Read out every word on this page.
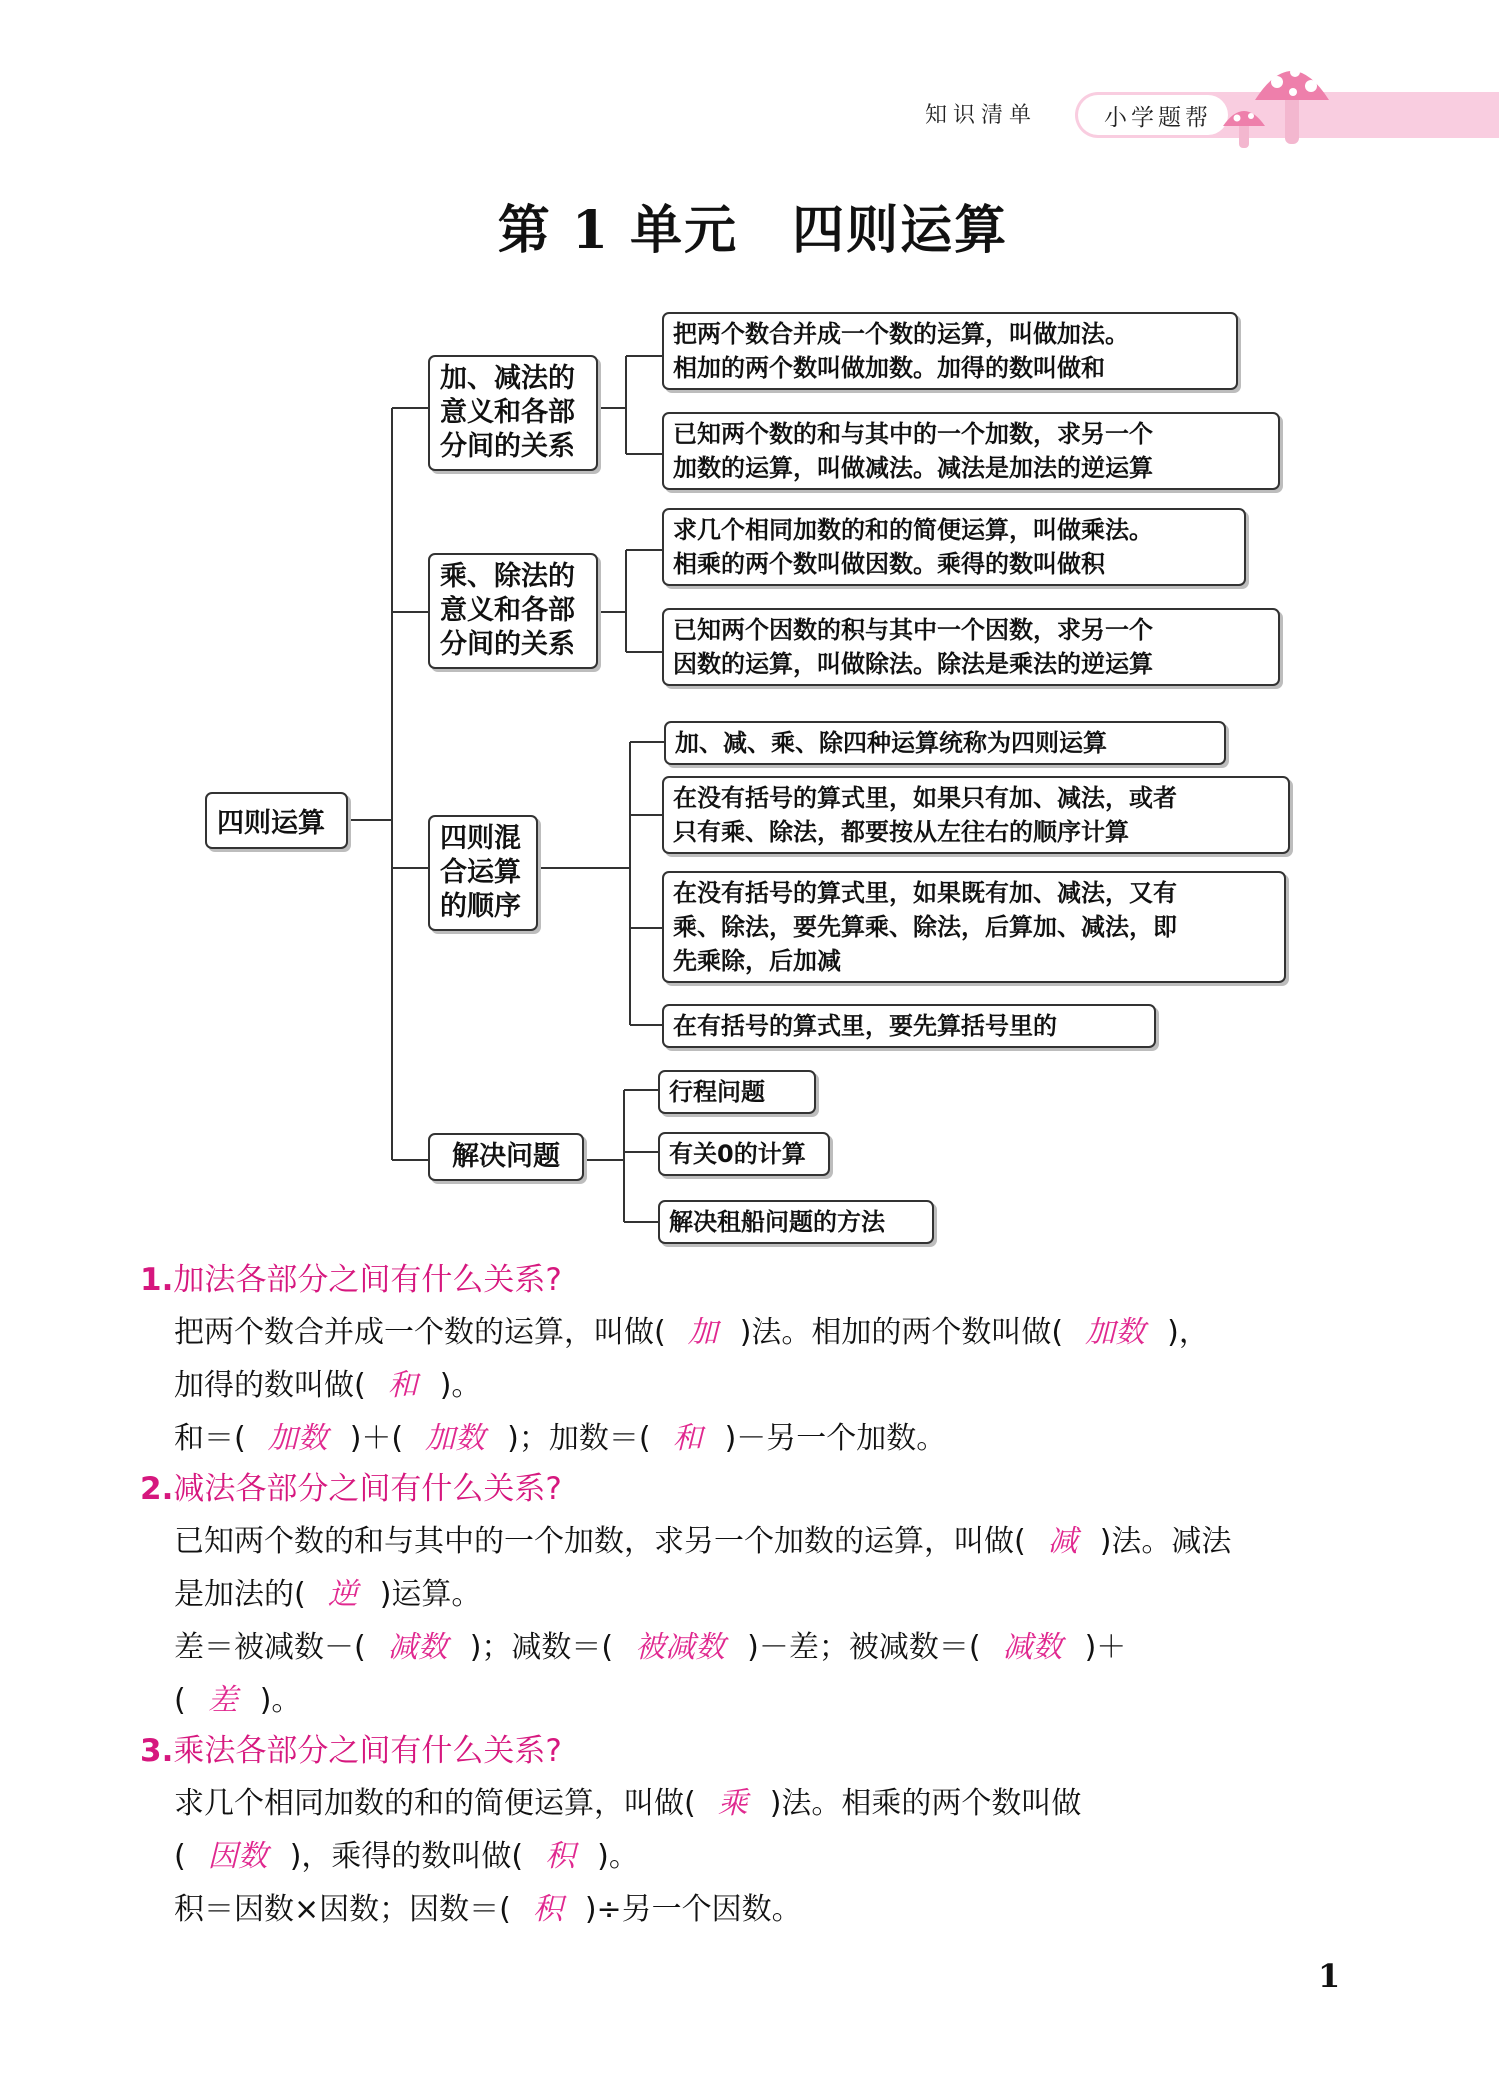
知识清单	小学题帮
第 1 单元　四则运算
四则运算
加、减法的
意义和各部
分间的关系
乘、除法的
意义和各部
分间的关系
四则混
合运算
的顺序
解决问题
把两个数合并成一个数的运算，叫做加法。
相加的两个数叫做加数。加得的数叫做和
已知两个数的和与其中的一个加数，求另一个
加数的运算，叫做减法。减法是加法的逆运算
求几个相同加数的和的简便运算，叫做乘法。
相乘的两个数叫做因数。乘得的数叫做积
已知两个因数的积与其中一个因数，求另一个
因数的运算，叫做除法。除法是乘法的逆运算
加、减、乘、除四种运算统称为四则运算
在没有括号的算式里，如果只有加、减法，或者
只有乘、除法，都要按从左往右的顺序计算
在没有括号的算式里，如果既有加、减法，又有
乘、除法，要先算乘、除法，后算加、减法，即
先乘除，后加减
在有括号的算式里，要先算括号里的
行程问题
有关0的计算
解决租船问题的方法
1.加法各部分之间有什么关系?
把两个数合并成一个数的运算，叫做( 加 )法。相加的两个数叫做( 加数 )，
加得的数叫做( 和 )。
和＝( 加数 )＋( 加数 )；加数＝( 和 )－另一个加数。
2.减法各部分之间有什么关系?
已知两个数的和与其中的一个加数，求另一个加数的运算，叫做( 减 )法。减法
是加法的( 逆 )运算。
差＝被减数－( 减数 )；减数＝( 被减数 )－差；被减数＝( 减数 )＋
( 差 )。
3.乘法各部分之间有什么关系?
求几个相同加数的和的简便运算，叫做( 乘 )法。相乘的两个数叫做
( 因数 )，乘得的数叫做( 积 )。
积＝因数×因数；因数＝( 积 )÷另一个因数。
1
